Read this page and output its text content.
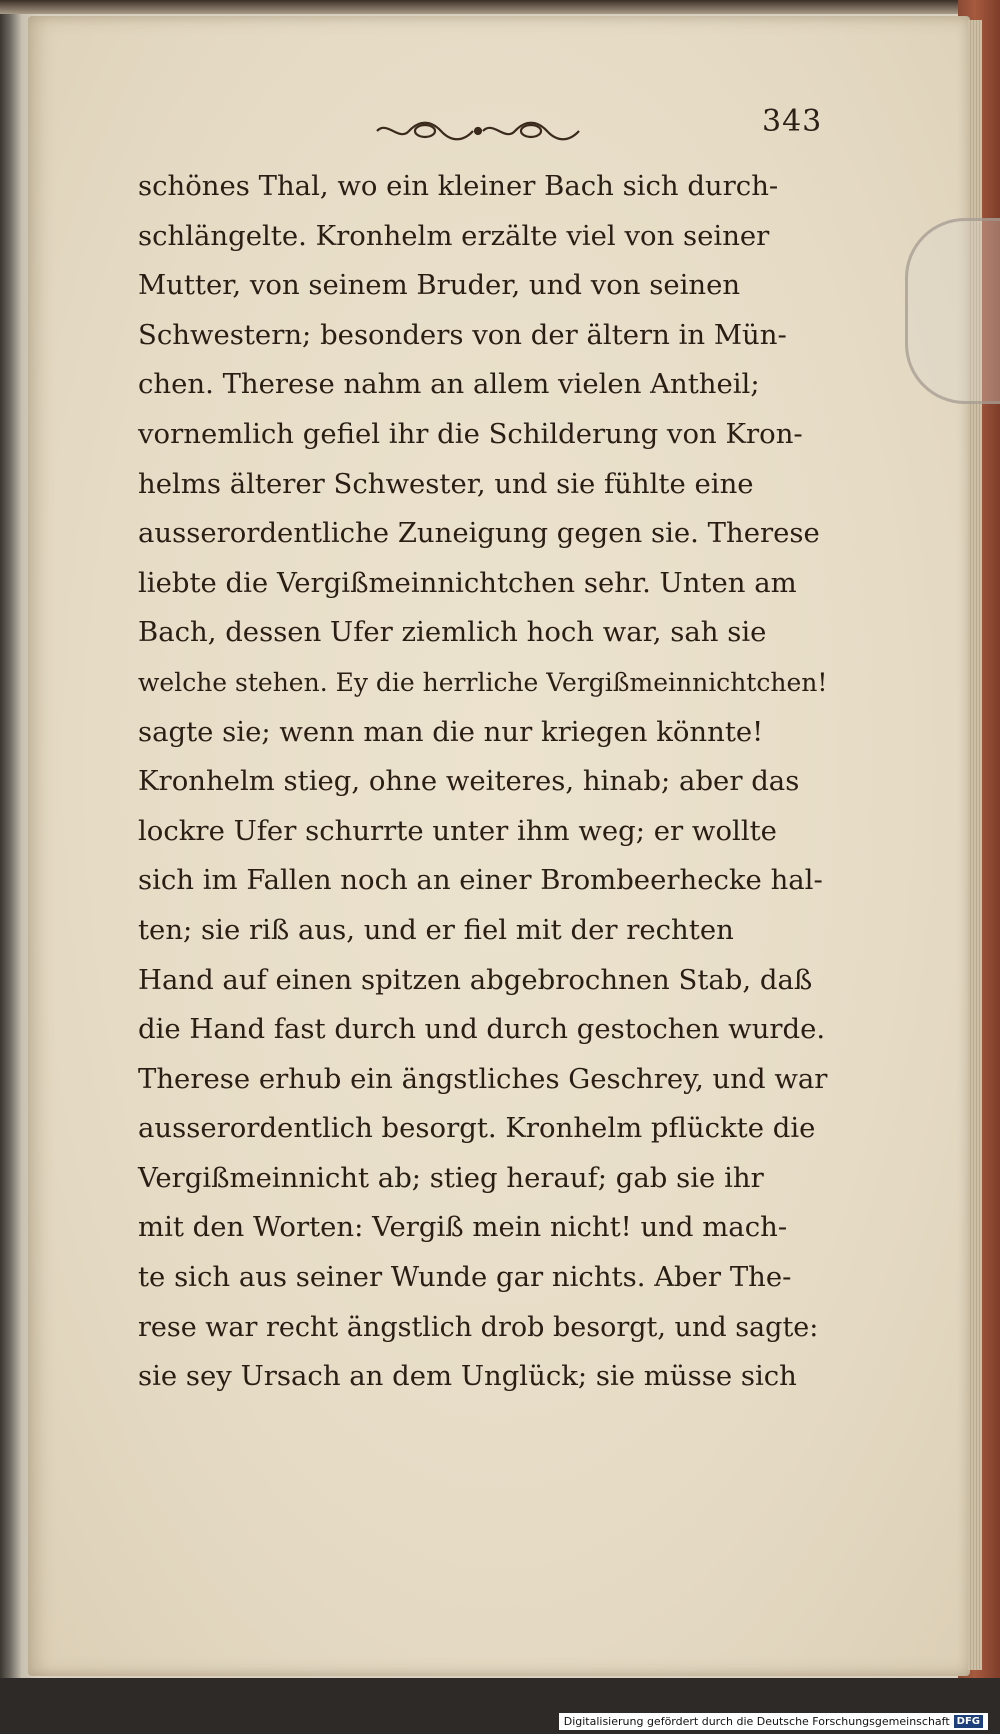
343
schönes Thal, wo ein kleiner Bach sich durch-
schlängelte. Kronhelm erzälte viel von seiner
Mutter, von seinem Bruder, und von seinen
Schwestern; besonders von der ältern in Mün-
chen. Therese nahm an allem vielen Antheil;
vornemlich gefiel ihr die Schilderung von Kron-
helms älterer Schwester, und sie fühlte eine
ausserordentliche Zuneigung gegen sie. Therese
liebte die Vergißmeinnichtchen sehr. Unten am
Bach, dessen Ufer ziemlich hoch war, sah sie
welche stehen. Ey die herrliche Vergißmeinnichtchen!
sagte sie; wenn man die nur kriegen könnte!
Kronhelm stieg, ohne weiteres, hinab; aber das
lockre Ufer schurrte unter ihm weg; er wollte
sich im Fallen noch an einer Brombeerhecke hal-
ten; sie riß aus, und er fiel mit der rechten
Hand auf einen spitzen abgebrochnen Stab, daß
die Hand fast durch und durch gestochen wurde.
Therese erhub ein ängstliches Geschrey, und war
ausserordentlich besorgt. Kronhelm pflückte die
Vergißmeinnicht ab; stieg herauf; gab sie ihr
mit den Worten: Vergiß mein nicht! und mach-
te sich aus seiner Wunde gar nichts. Aber The-
rese war recht ängstlich drob besorgt, und sagte:
sie sey Ursach an dem Unglück; sie müsse sich
Digitalisierung gefördert durch die Deutsche Forschungsgemeinschaft DFG
